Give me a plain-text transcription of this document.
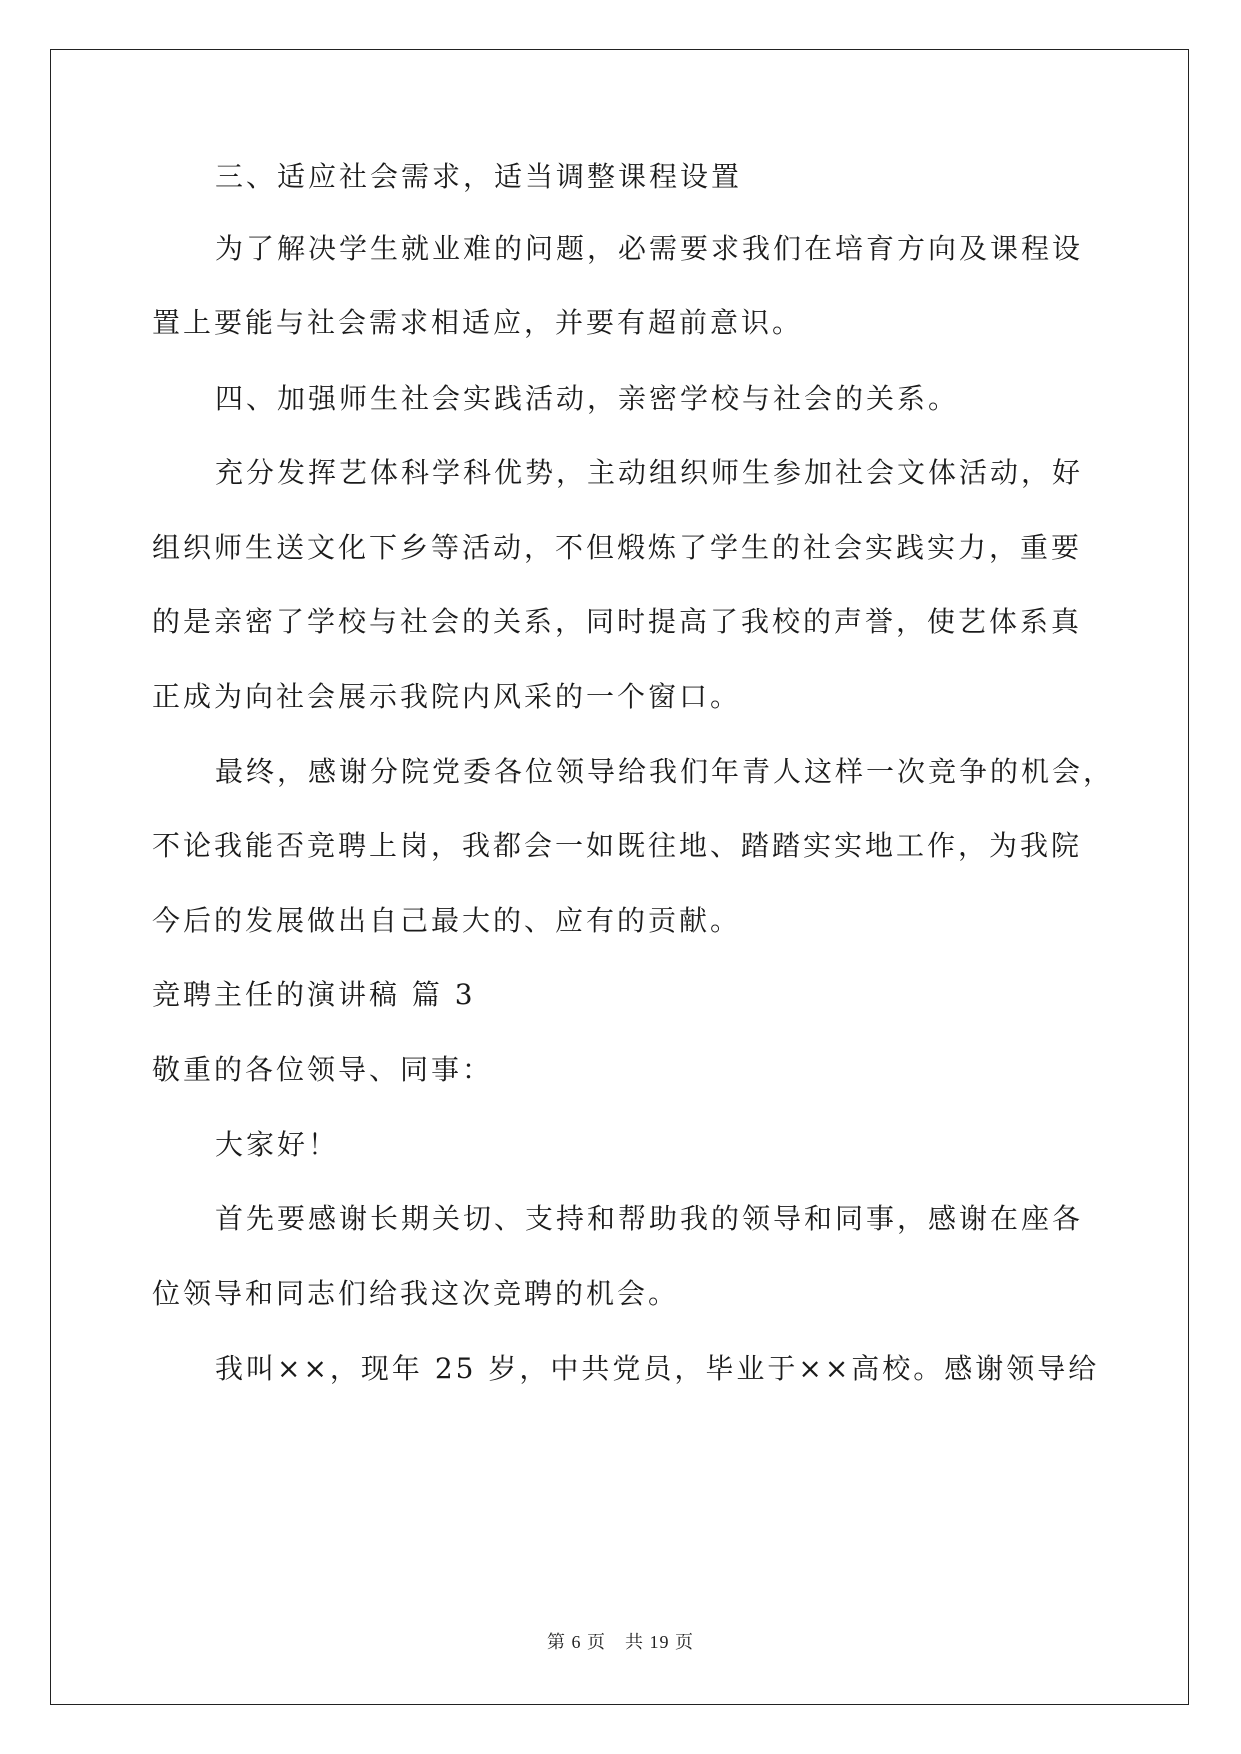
三、适应社会需求，适当调整课程设置
为了解决学生就业难的问题，必需要求我们在培育方向及课程设
置上要能与社会需求相适应，并要有超前意识。
四、加强师生社会实践活动，亲密学校与社会的关系。
充分发挥艺体科学科优势，主动组织师生参加社会文体活动，好
组织师生送文化下乡等活动，不但煅炼了学生的社会实践实力，重要
的是亲密了学校与社会的关系，同时提高了我校的声誉，使艺体系真
正成为向社会展示我院内风采的一个窗口。
最终，感谢分院党委各位领导给我们年青人这样一次竞争的机会，
不论我能否竞聘上岗，我都会一如既往地、踏踏实实地工作，为我院
今后的发展做出自己最大的、应有的贡献。
竞聘主任的演讲稿 篇 3
敬重的各位领导、同事：
大家好！
首先要感谢长期关切、支持和帮助我的领导和同事，感谢在座各
位领导和同志们给我这次竞聘的机会。
我叫××，现年 25 岁，中共党员，毕业于××高校。感谢领导给
第 6 页　共 19 页
